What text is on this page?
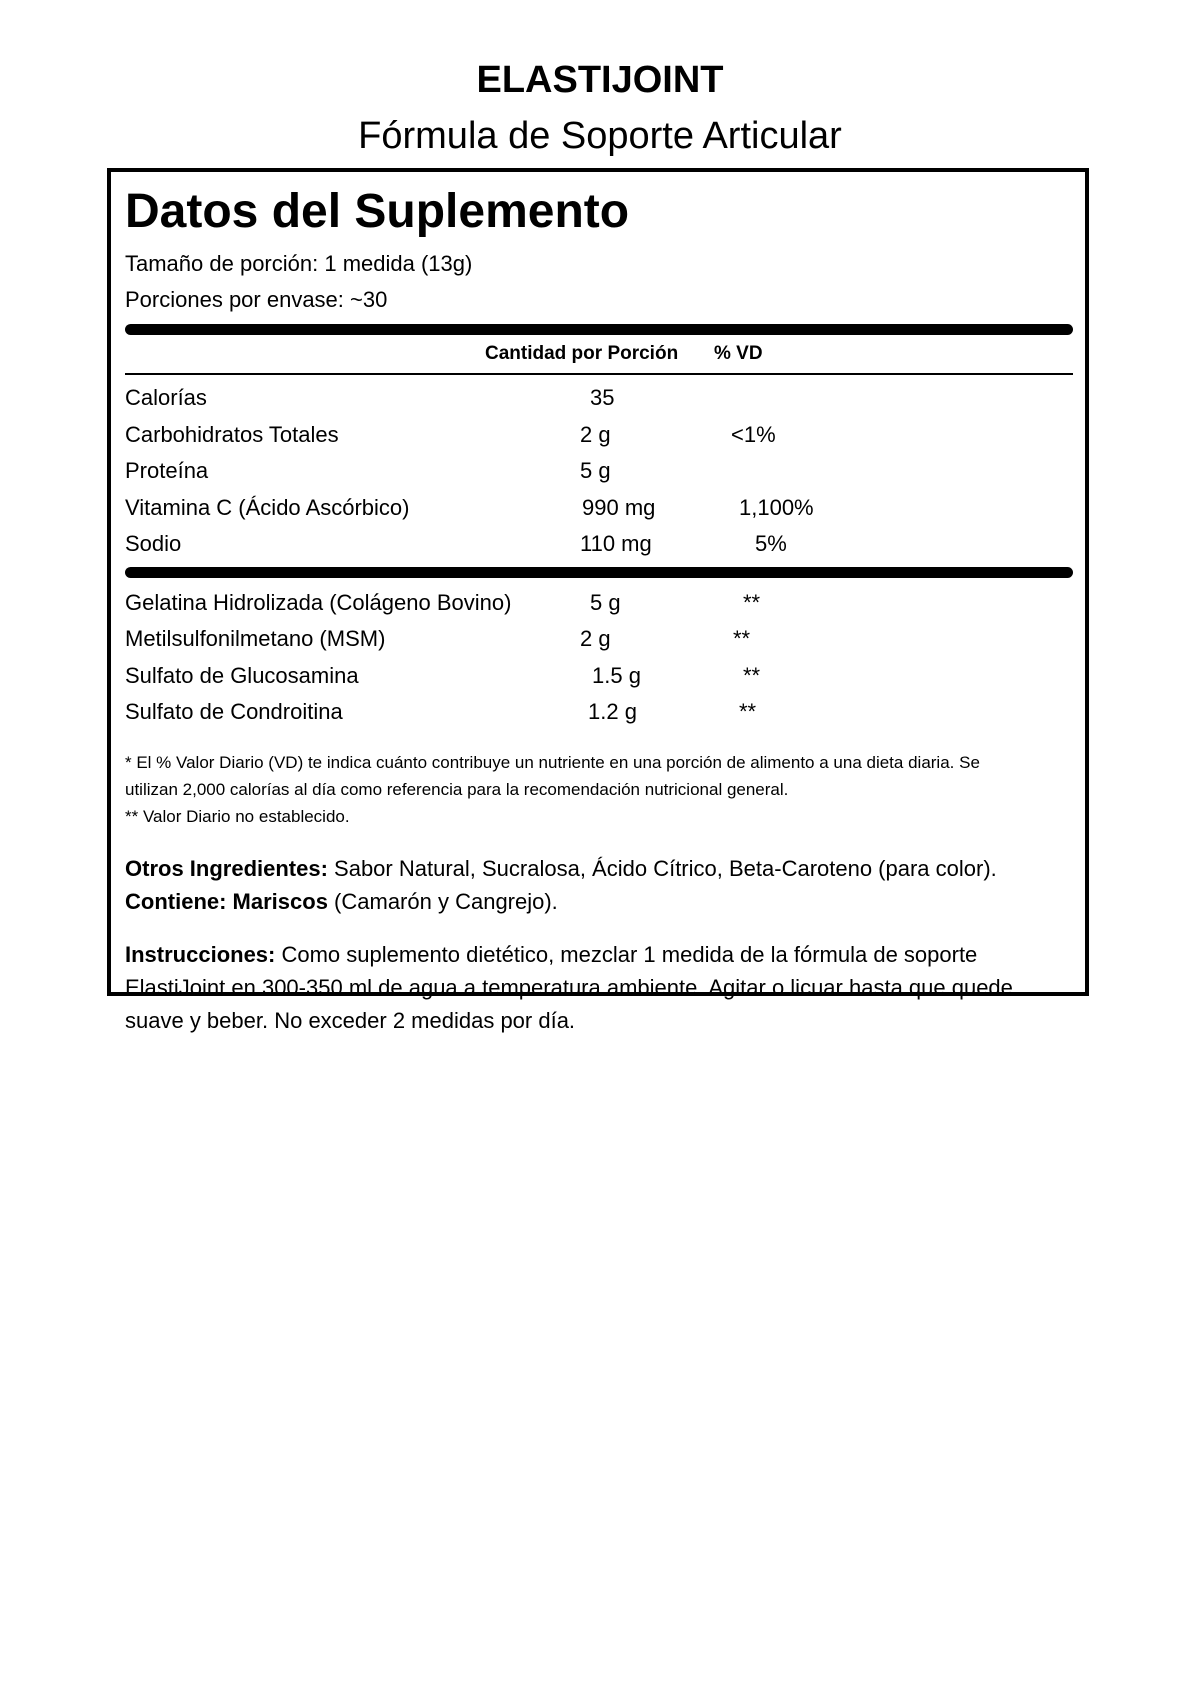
ELASTIJOINT

Fórmula de Soporte Articular

Datos del Suplemento

Tamaño de porción: 1 medida (13g)

Porciones por envase: ~30

Cantidad por Porción % VD
Calorías	35
Carbohidratos Totales	2 g	<1%
Proteína	5 g
Vitamina C (Ácido Ascórbico)	990 mg	1,100%
Sodio	110 mg	5%
Gelatina Hidrolizada (Colágeno Bovino)	5 g	**
Metilsulfonilmetano (MSM)	2 g	**
Sulfato de Glucosamina	1.5 g	**
Sulfato de Condroitina	1.2 g	**

* El % Valor Diario (VD) te indica cuánto contribuye un nutriente en una porción de alimento a una dieta diaria. Se

utilizan 2,000 calorías al día como referencia para la recomendación nutricional general.

** Valor Diario no establecido.

Otros Ingredientes: Sabor Natural, Sucralosa, Ácido Cítrico, Beta-Caroteno (para color).

Contiene: Mariscos (Camarón y Cangrejo).

Instrucciones: Como suplemento dietético, mezclar 1 medida de la fórmula de soporte

ElastiJoint en 300-350 ml de agua a temperatura ambiente. Agitar o licuar hasta que quede

suave y beber. No exceder 2 medidas por día.
